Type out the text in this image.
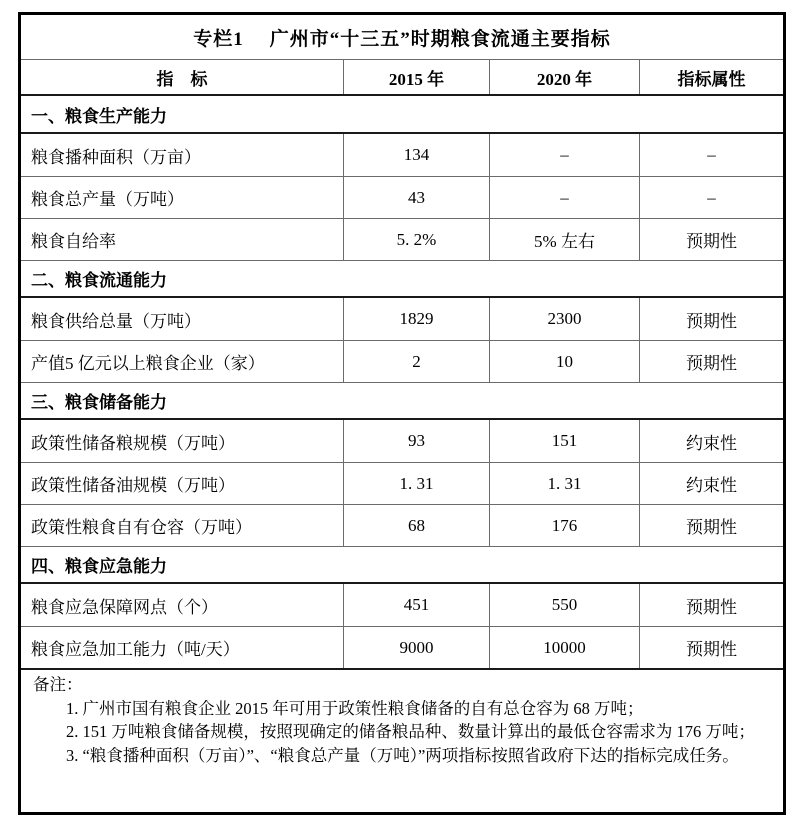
专栏1 广州市“十三五”时期粮食流通主要指标
指　标	2015 年	2020 年	指标属性
一、粮食生产能力
粮食播种面积（万亩）	134	–	–
粮食总产量（万吨）	43	–	–
粮食自给率	5. 2%	5% 左右	预期性
二、粮食流通能力
粮食供给总量（万吨）	1829	2300	预期性
产值5 亿元以上粮食企业（家）	2	10	预期性
三、粮食储备能力
政策性储备粮规模（万吨）	93	151	约束性
政策性储备油规模（万吨）	1. 31	1. 31	约束性
政策性粮食自有仓容（万吨）	68	176	预期性
四、粮食应急能力
粮食应急保障网点（个）	451	550	预期性
粮食应急加工能力（吨/天）	9000	10000	预期性
备注：
1. 广州市国有粮食企业 2015 年可用于政策性粮食储备的自有总仓容为 68 万吨；
2. 151 万吨粮食储备规模，按照现确定的储备粮品种、数量计算出的最低仓容需求为 176 万吨；
3. “粮食播种面积（万亩）”、“粮食总产量（万吨）”两项指标按照省政府下达的指标完成任务。
